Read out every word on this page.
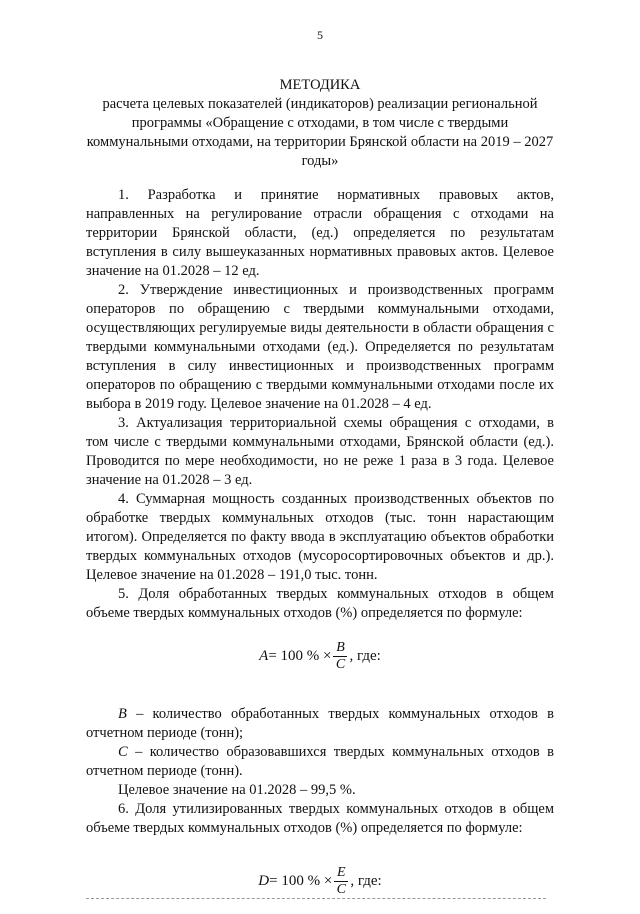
5
МЕТОДИКА
расчета целевых показателей (индикаторов) реализации региональной программы «Обращение с отходами, в том числе с твердыми коммунальными отходами, на территории Брянской области на 2019 – 2027 годы»

1. Разработка и принятие нормативных правовых актов, направленных на регулирование отрасли обращения с отходами на территории Брянской области, (ед.) определяется по результатам вступления в силу вышеуказанных нормативных правовых актов. Целевое значение на 01.2028 – 12 ед.

2. Утверждение инвестиционных и производственных программ операторов по обращению с твердыми коммунальными отходами, осуществляющих регулируемые виды деятельности в области обращения с твердыми коммунальными отходами (ед.). Определяется по результатам вступления в силу инвестиционных и производственных программ операторов по обращению с твердыми коммунальными отходами после их выбора в 2019 году. Целевое значение на 01.2028 – 4 ед.

3. Актуализация территориальной схемы обращения с отходами, в том числе с твердыми коммунальными отходами, Брянской области (ед.). Проводится по мере необходимости, но не реже 1 раза в 3 года. Целевое значение на 01.2028 – 3 ед.

4. Суммарная мощность созданных производственных объектов по обработке твердых коммунальных отходов (тыс. тонн нарастающим итогом). Определяется по факту ввода в эксплуатацию объектов обработки твердых коммунальных отходов (мусоросортировочных объектов и др.). Целевое значение на 01.2028 – 191,0 тыс. тонн.

5. Доля обработанных твердых коммунальных отходов в общем объеме твердых коммунальных отходов (%) определяется по формуле:

A = 100 % × $\frac{B}{C}$ , где:

B – количество обработанных твердых коммунальных отходов в отчетном периоде (тонн);

C – количество образовавшихся твердых коммунальных отходов в отчетном периоде (тонн).

Целевое значение на 01.2028 – 99,5 %.

6. Доля утилизированных твердых коммунальных отходов в общем объеме твердых коммунальных отходов (%) определяется по формуле:

D = 100 % × $\frac{E}{C}$ , где:
